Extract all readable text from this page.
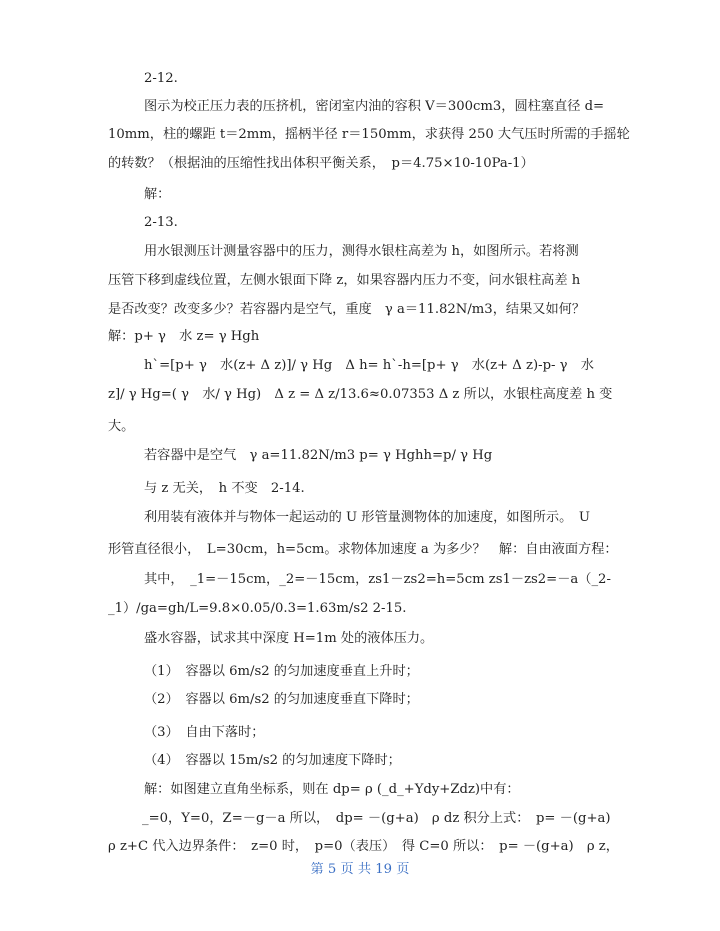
2-12.
图示为校正压力表的压挤机，密闭室内油的容积 V＝300cm3，圆柱塞直径 d=
10mm，柱的螺距 t＝2mm，摇柄半径 r＝150mm，求获得 250 大气压时所需的手摇轮
的转数？（根据油的压缩性找出体积平衡关系，　p＝4.75×10-10Pa-1）
解：
2-13.
用水银测压计测量容器中的压力，测得水银柱高差为 h，如图所示。若将测
压管下移到虚线位置，左侧水银面下降 z，如果容器内压力不变，问水银柱高差 h
是否改变？改变多少？若容器内是空气，重度　γ a＝11.82N/m3，结果又如何？
解：p+ γ　水 z= γ Hgh
h`=[p+ γ　水(z+ Δ z)]/ γ Hg　Δ h= h`-h=[p+ γ　水(z+ Δ z)-p- γ　水
z]/ γ Hg=( γ　水/ γ Hg)　Δ z = Δ z/13.6≈0.07353 Δ z 所以，水银柱高度差 h 变
大。
若容器中是空气　γ a=11.82N/m3 p= γ Hghh=p/ γ Hg
与 z 无关，　h 不变　2-14.
利用装有液体并与物体一起运动的 U 形管量测物体的加速度，如图所示。　U
形管直径很小，　L=30cm，h=5cm。求物体加速度 a 为多少？　解：自由液面方程：
其中，　_1=－15cm，_2=－15cm，zs1－zs2=h=5cm zs1－zs2=－a（_2-
_1）/ga=gh/L=9.8×0.05/0.3=1.63m/s2 2-15.
盛水容器，试求其中深度 H=1m 处的液体压力。
（1）　容器以 6m/s2 的匀加速度垂直上升时；
（2）　容器以 6m/s2 的匀加速度垂直下降时；
（3）　自由下落时；
（4）　容器以 15m/s2 的匀加速度下降时；
解：如图建立直角坐标系，则在 dp= ρ (_d_+Ydy+Zdz)中有：
_=0，Y=0，Z=－g－a 所以，　dp= －(g+a)　ρ dz 积分上式：　p= －(g+a)
ρ z+C 代入边界条件：　z=0 时，　p=0（表压）　得 C=0 所以：　p= －(g+a)　ρ z，
第 5 页 共 19 页
